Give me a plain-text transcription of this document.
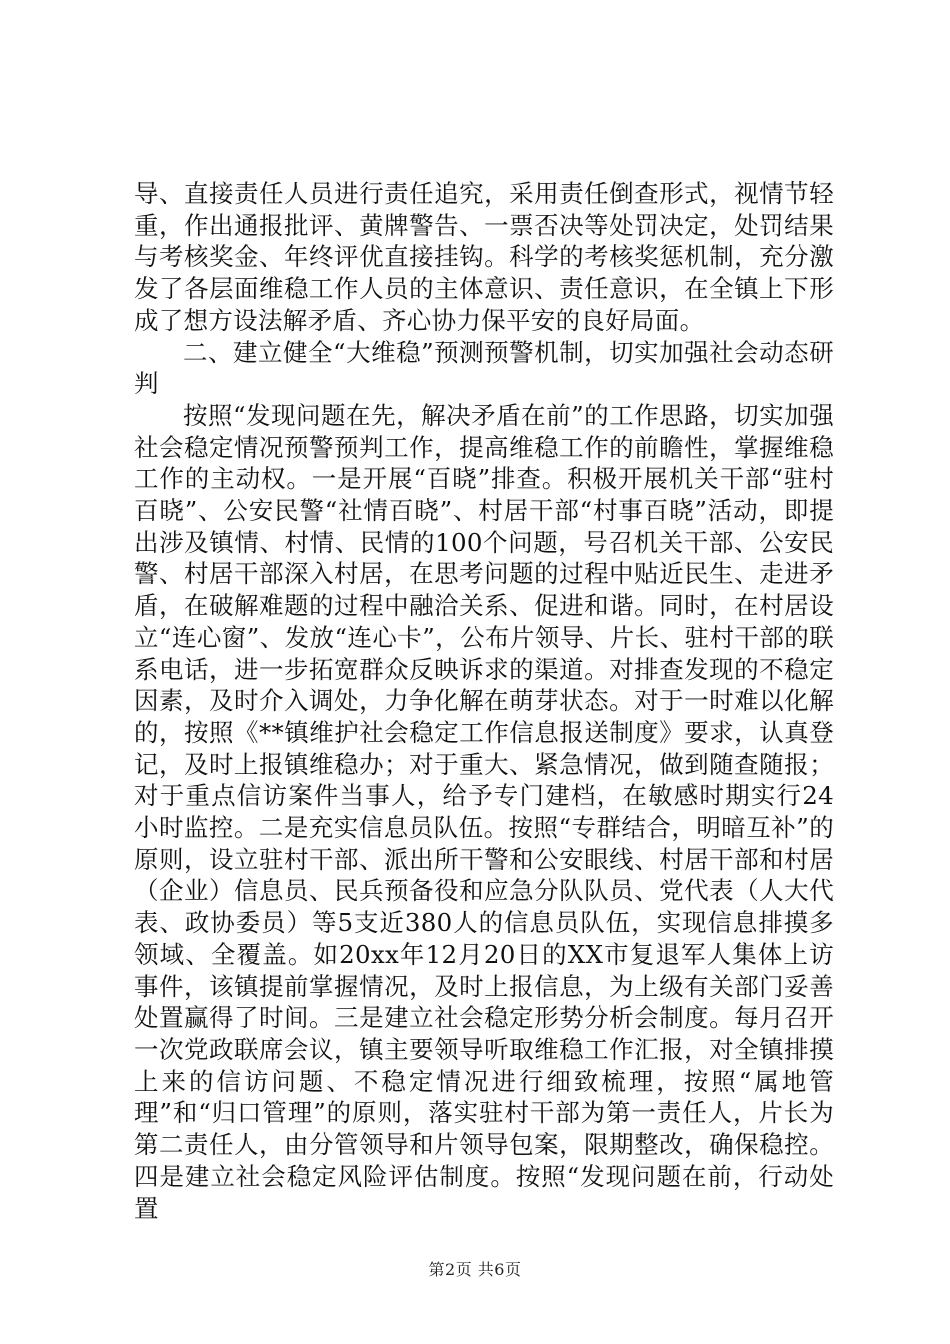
导、直接责任人员进行责任追究，采用责任倒查形式，视情节轻重，作出通报批评、黄牌警告、一票否决等处罚决定，处罚结果与考核奖金、年终评优直接挂钩。科学的考核奖惩机制，充分激发了各层面维稳工作人员的主体意识、责任意识，在全镇上下形成了想方设法解矛盾、齐心协力保平安的良好局面。

二、建立健全“大维稳”预测预警机制，切实加强社会动态研判

按照“发现问题在先，解决矛盾在前”的工作思路，切实加强社会稳定情况预警预判工作，提高维稳工作的前瞻性，掌握维稳工作的主动权。一是开展“百晓”排查。积极开展机关干部“驻村百晓”、公安民警“社情百晓”、村居干部“村事百晓”活动，即提出涉及镇情、村情、民情的100个问题，号召机关干部、公安民警、村居干部深入村居，在思考问题的过程中贴近民生、走进矛盾，在破解难题的过程中融洽关系、促进和谐。同时，在村居设立“连心窗”、发放“连心卡”，公布片领导、片长、驻村干部的联系电话，进一步拓宽群众反映诉求的渠道。对排查发现的不稳定因素，及时介入调处，力争化解在萌芽状态。对于一时难以化解的，按照《**镇维护社会稳定工作信息报送制度》要求，认真登记，及时上报镇维稳办；对于重大、紧急情况，做到随查随报；对于重点信访案件当事人，给予专门建档，在敏感时期实行24小时监控。二是充实信息员队伍。按照“专群结合，明暗互补”的原则，设立驻村干部、派出所干警和公安眼线、村居干部和村居（企业）信息员、民兵预备役和应急分队队员、党代表（人大代表、政协委员）等5支近380人的信息员队伍，实现信息排摸多领域、全覆盖。如20xx年12月20日的XX市复退军人集体上访事件，该镇提前掌握情况，及时上报信息，为上级有关部门妥善处置赢得了时间。三是建立社会稳定形势分析会制度。每月召开一次党政联席会议，镇主要领导听取维稳工作汇报，对全镇排摸上来的信访问题、不稳定情况进行细致梳理，按照“属地管理”和“归口管理”的原则，落实驻村干部为第一责任人，片长为第二责任人，由分管领导和片领导包案，限期整改，确保稳控。四是建立社会稳定风险评估制度。按照“发现问题在前，行动处置

第2页 共6页
